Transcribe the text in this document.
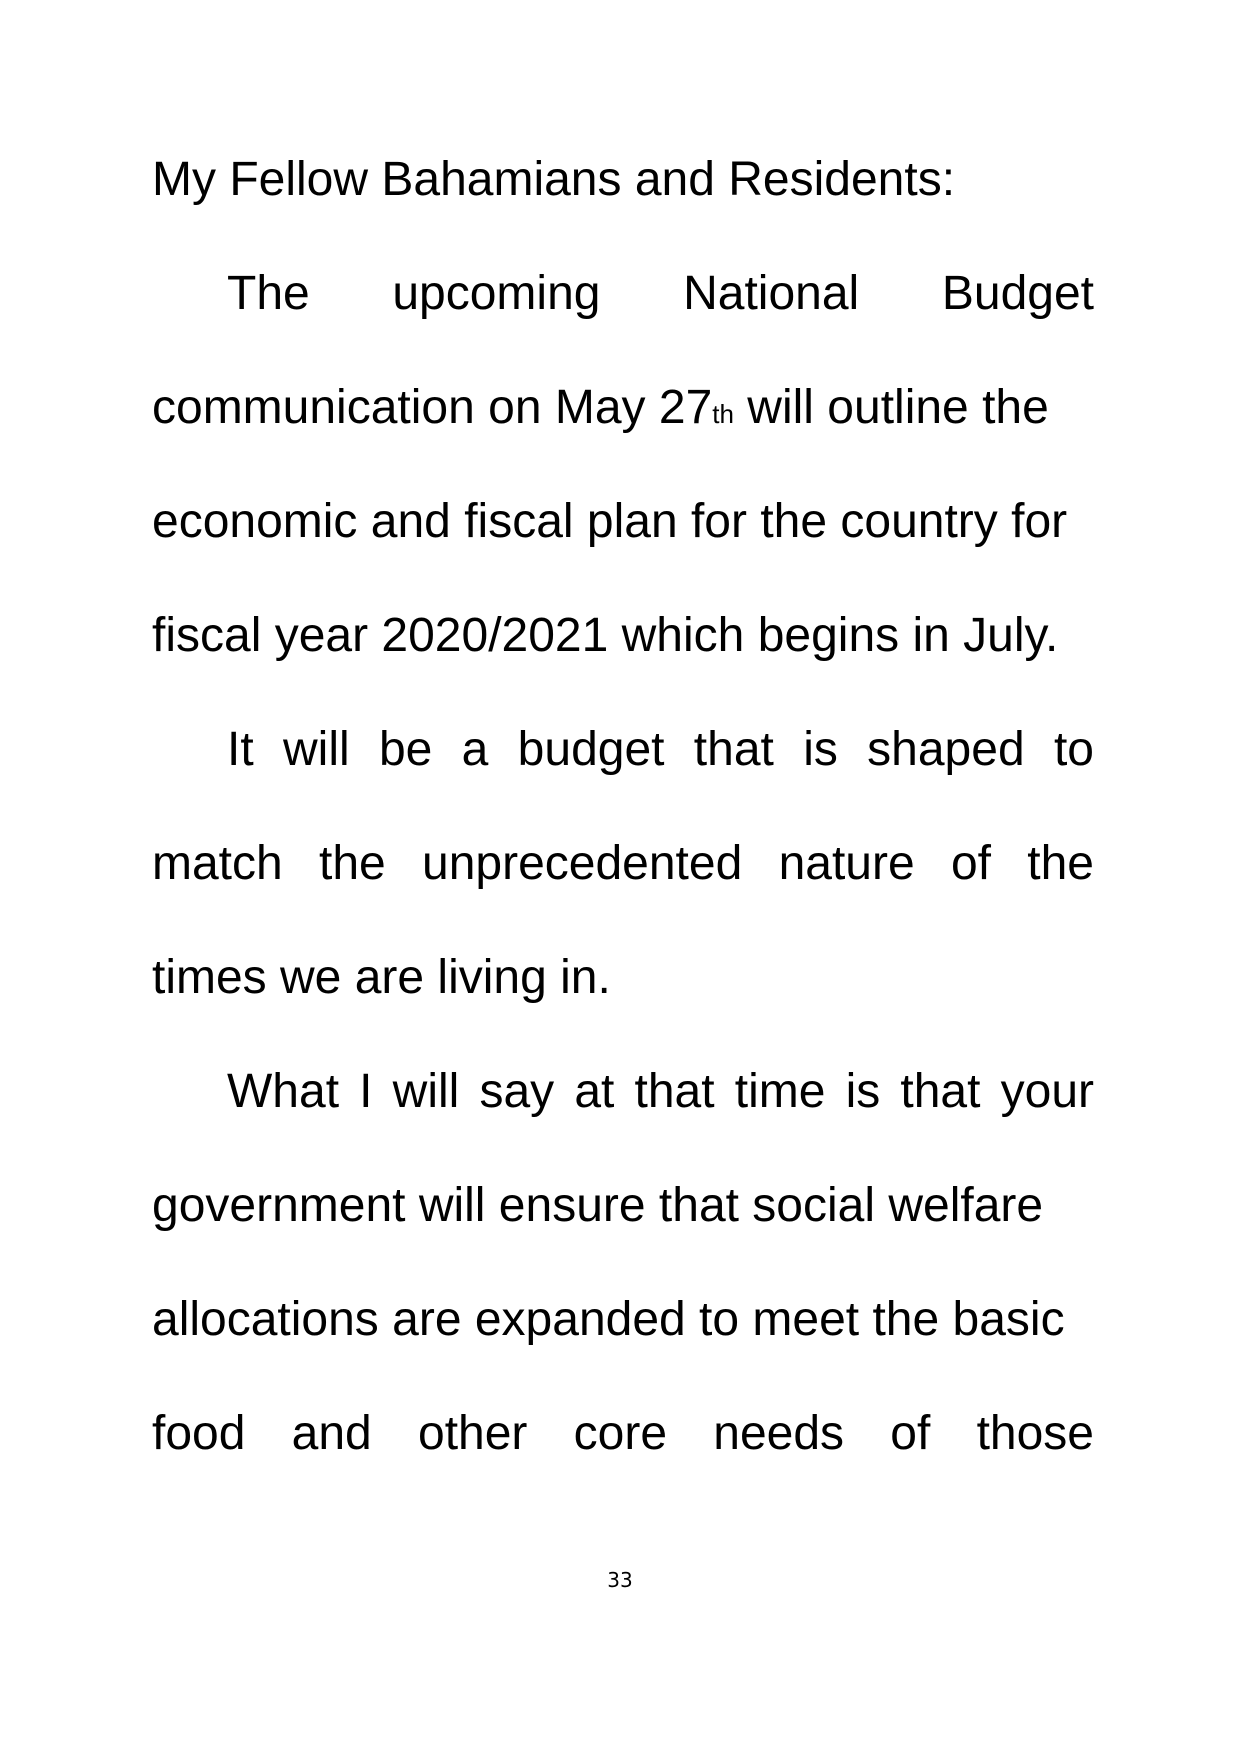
My Fellow Bahamians and Residents:
The upcoming National Budget
communication on May 27th will outline the
economic and fiscal plan for the country for
fiscal year 2020/2021 which begins in July.
It will be a budget that is shaped to
match the unprecedented nature of the
times we are living in.
What I will say at that time is that your
government will ensure that social welfare
allocations are expanded to meet the basic
food and other core needs of those
33
